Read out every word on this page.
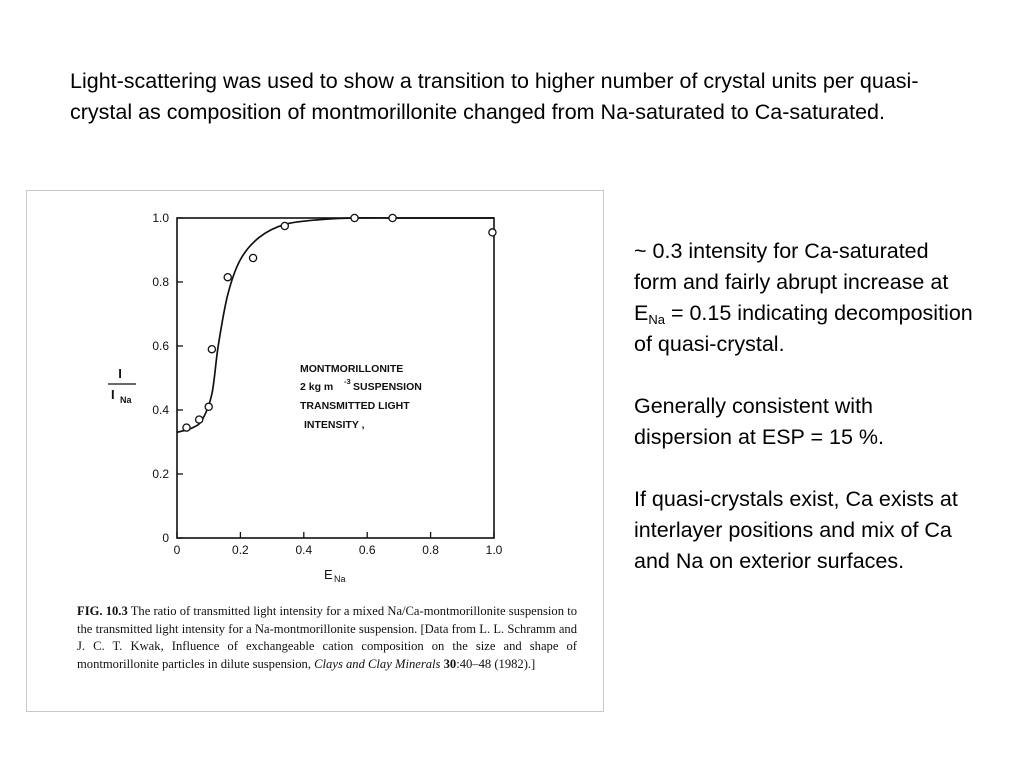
Light-scattering was used to show a transition to higher number of crystal units per quasi-crystal as composition of montmorillonite changed from Na-saturated to Ca-saturated.

0	0.2	0.4	0.6	0.8	1.0
0
0.2
0.4
0.6
0.8
1.0
I
I Na
E Na
MONTMORILLONITE
2 kg m -3 SUSPENSION
TRANSMITTED LIGHT
INTENSITY ,

FIG. 10.3 The ratio of transmitted light intensity for a mixed Na/Ca-montmorillonite suspension to the transmitted light intensity for a Na-montmorillonite suspension. [Data from L. L. Schramm and J. C. T. Kwak, Influence of exchangeable cation composition on the size and shape of montmorillonite particles in dilute suspension, Clays and Clay Minerals 30:40–48 (1982).]

~ 0.3 intensity for Ca-saturated form and fairly abrupt increase at $E_{Na} = 0.15$ indicating decomposition of quasi-crystal.

Generally consistent with dispersion at ESP = 15 %.

If quasi-crystals exist, Ca exists at interlayer positions and mix of Ca and Na on exterior surfaces.
